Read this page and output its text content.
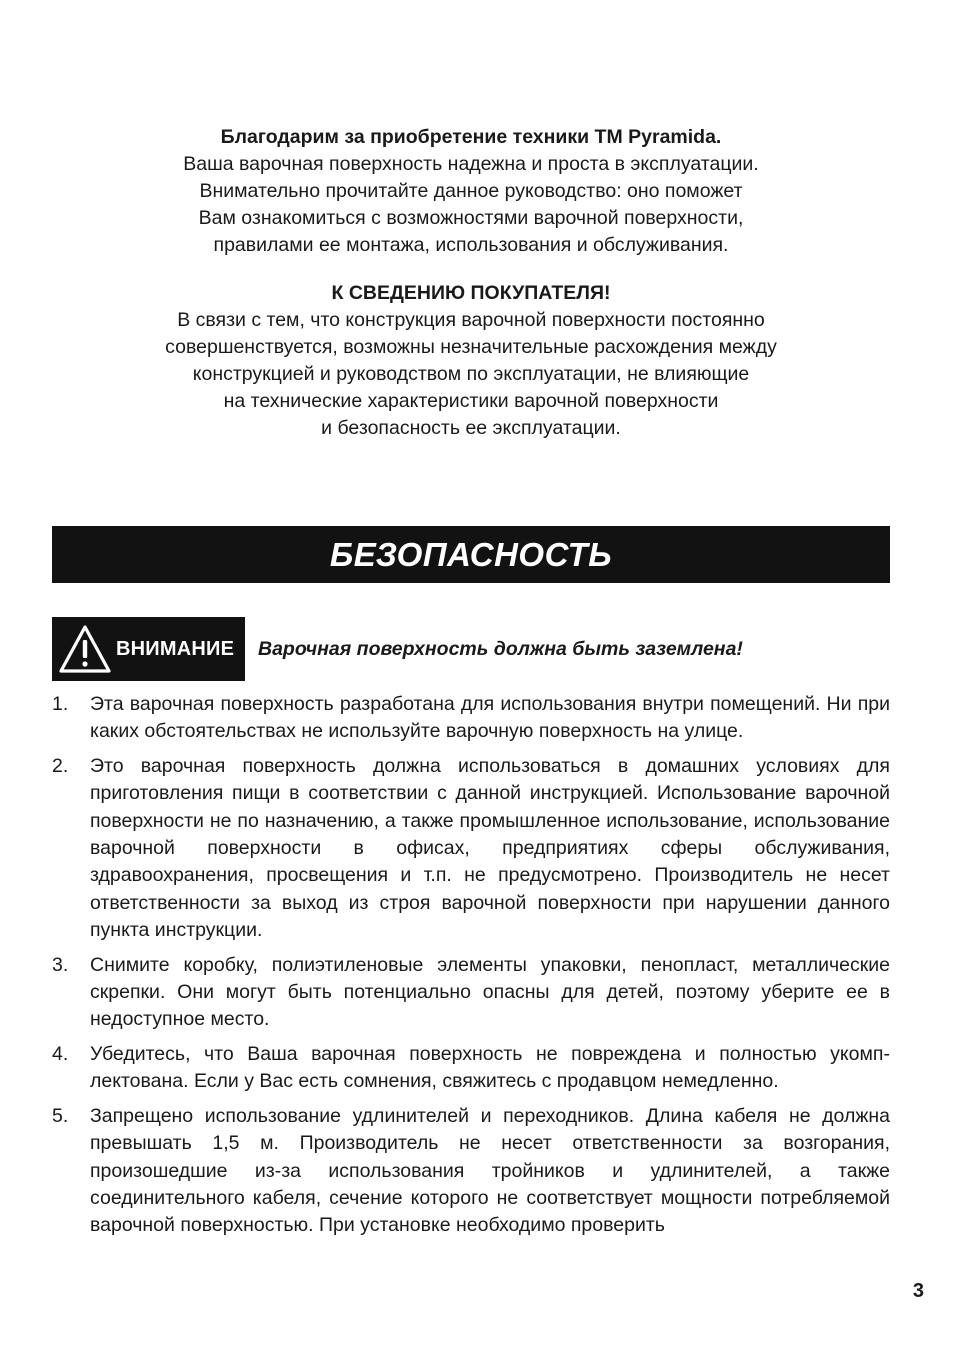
Благодарим за приобретение техники ТМ Pyramida.
Ваша варочная поверхность надежна и проста в эксплуатации.
Внимательно прочитайте данное руководство: оно поможет
Вам ознакомиться с возможностями варочной поверхности,
правилами ее монтажа, использования и обслуживания.
К СВЕДЕНИЮ ПОКУПАТЕЛЯ!
В связи с тем, что конструкция варочной поверхности постоянно
совершенствуется, возможны незначительные расхождения между
конструкцией и руководством по эксплуатации, не влияющие
на технические характеристики варочной поверхности
и безопасность ее эксплуатации.
БЕЗОПАСНОСТЬ
ВНИМАНИЕ Варочная поверхность должна быть заземлена!
1.	Эта варочная поверхность разработана для использования внутри помещений. Ни при каких обстоятельствах не используйте варочную поверхность на улице.
2.	Это варочная поверхность должна использоваться в домашних условиях для приготовления пищи в соответствии с данной инструкцией. Использование варочной поверхности не по назначению, а также промышленное использование, использование варочной поверхности в офисах, предприятиях сферы обслуживания, здравоохранения, просвещения и т.п. не предусмотрено. Производитель не несет ответственности за выход из строя варочной поверхности при нарушении данного пункта инструкции.
3.	Снимите коробку, полиэтиленовые элементы упаковки, пенопласт, металлические скрепки. Они могут быть потенциально опасны для детей, поэтому уберите ее в недоступное место.
4.	Убедитесь, что Ваша варочная поверхность не повреждена и полностью укомплектована. Если у Вас есть сомнения, свяжитесь с продавцом немедленно.
5.	Запрещено использование удлинителей и переходников. Длина кабеля не должна превышать 1,5 м. Производитель не несет ответственности за возгорания, произошедшие из-за использования тройников и удлинителей, а также соединительного кабеля, сечение которого не соответствует мощности потребляемой варочной поверхностью. При установке необходимо проверить
3
